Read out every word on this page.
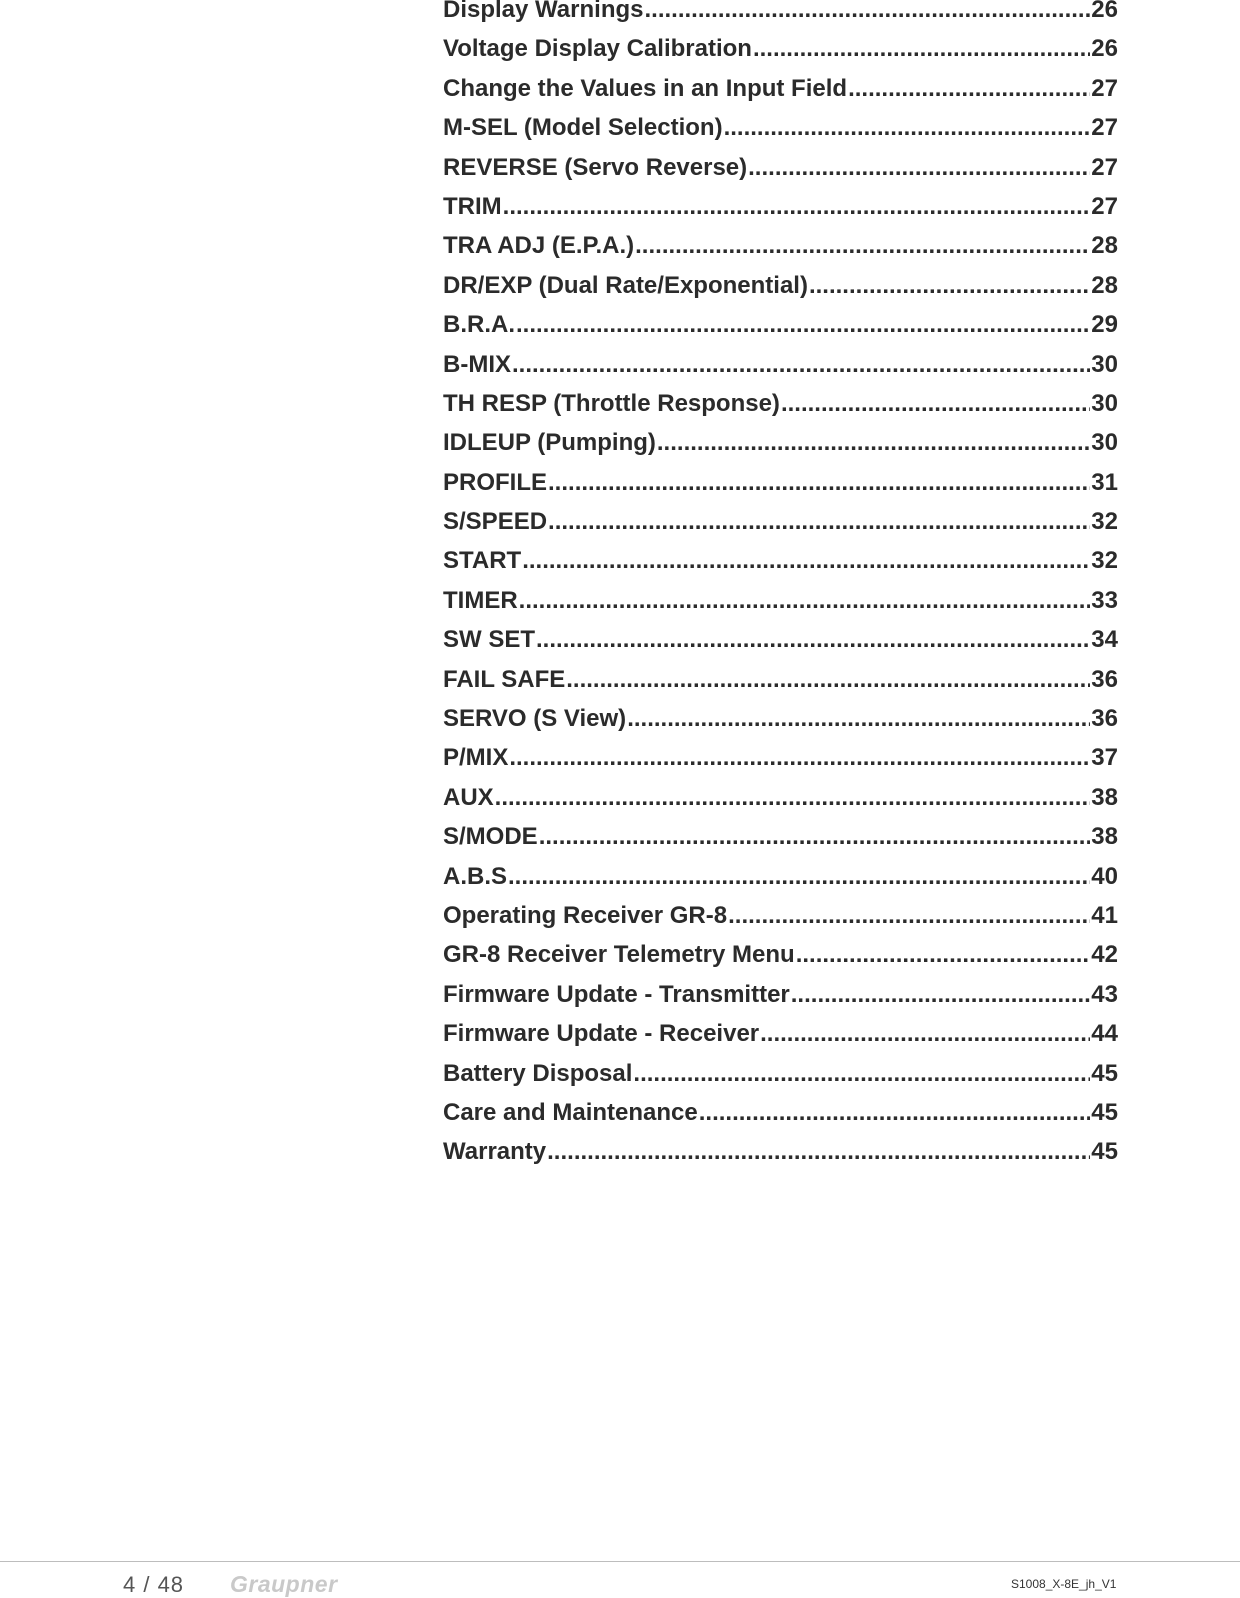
Display Warnings .....	26
Voltage Display Calibration .....	26
Change the Values in an Input Field .....	27
M-SEL (Model Selection) .....	27
REVERSE (Servo Reverse) .....	27
TRIM .....	27
TRA ADJ (E.P.A.) .....	28
DR/EXP (Dual Rate/Exponential) .....	28
B.R.A. .....	29
B-MIX .....	30
TH RESP (Throttle Response) .....	30
IDLEUP (Pumping) .....	30
PROFILE .....	31
S/SPEED .....	32
START .....	32
TIMER .....	33
SW SET .....	34
FAIL SAFE .....	36
SERVO (S View) .....	36
P/MIX .....	37
AUX .....	38
S/MODE .....	38
A.B.S .....	40
Operating Receiver GR-8 .....	41
GR-8 Receiver Telemetry Menu .....	42
Firmware Update - Transmitter .....	43
Firmware Update - Receiver .....	44
Battery Disposal .....	45
Care and Maintenance .....	45
Warranty .....	45
4 / 48 Graupner	S1008_X-8E_jh_V1
